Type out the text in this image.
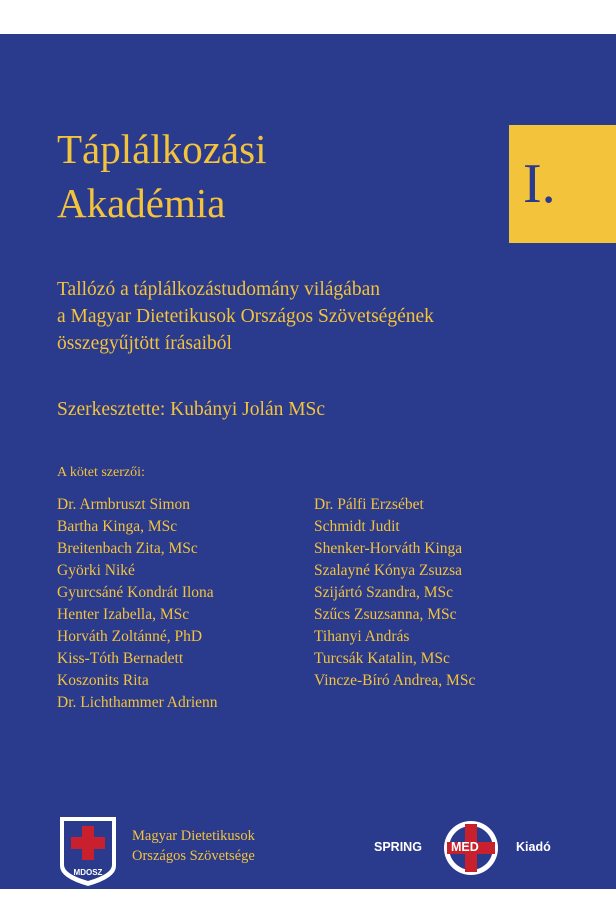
Táplálkozási
Akadémia	I.
Tallózó a táplálkozástudomány világában
a Magyar Dietetikusok Országos Szövetségének
összegyűjtött írásaiból
Szerkesztette: Kubányi Jolán MSc
A kötet szerzői:
Dr. Armbruszt Simon
Bartha Kinga, MSc
Breitenbach Zita, MSc
Györki Niké
Gyurcsáné Kondrát Ilona
Henter Izabella, MSc
Horváth Zoltánné, PhD
Kiss-Tóth Bernadett
Koszonits Rita
Dr. Lichthammer Adrienn
Dr. Pálfi Erzsébet
Schmidt Judit
Shenker-Horváth Kinga
Szalayné Kónya Zsuzsa
Szijártó Szandra, MSc
Szűcs Zsuzsanna, MSc
Tihanyi András
Turcsák Katalin, MSc
Vincze-Bíró Andrea, MSc
MDOSZ
Magyar Dietetikusok
Országos Szövetsége
SPRING MED	Kiadó
